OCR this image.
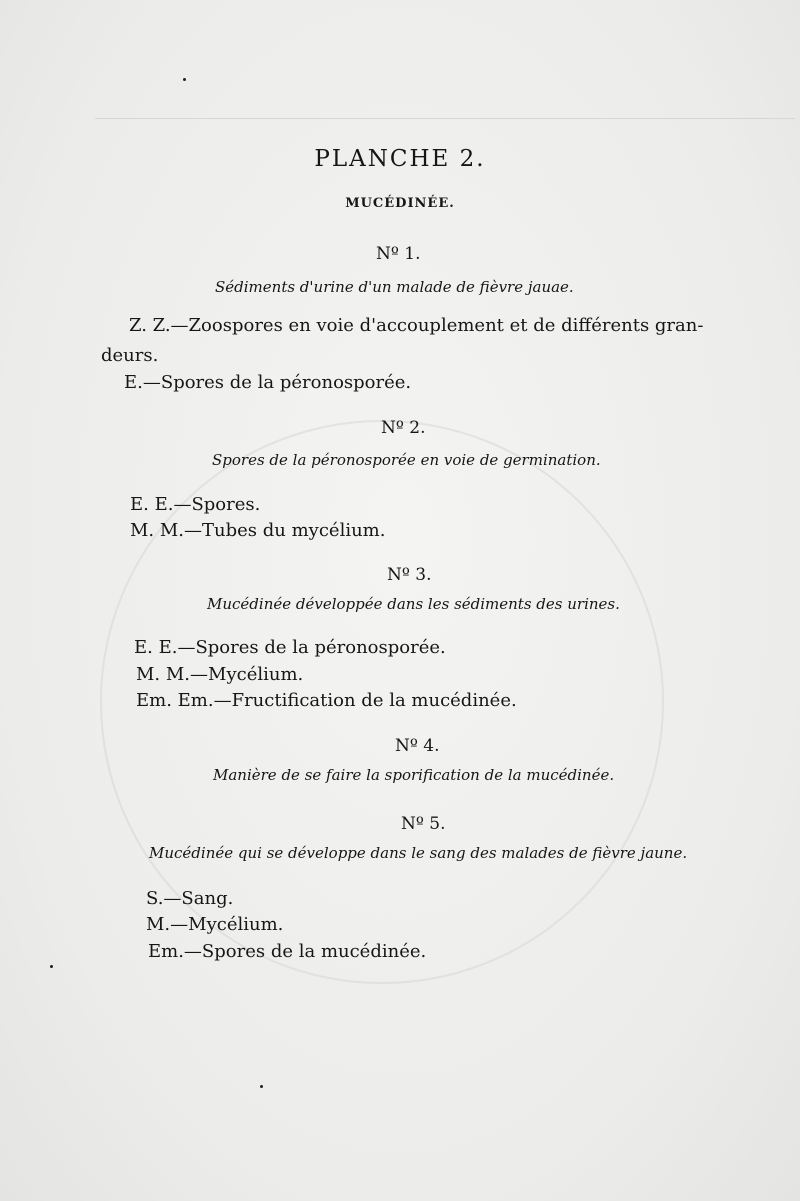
PLANCHE 2.
MUCÉDINÉE.
Nº 1.
Sédiments d'urine d'un malade de fièvre jauae.
Z. Z.—Zoospores en voie d'accouplement et de différents gran-
deurs.
E.—Spores de la péronosporée.
Nº 2.
Spores de la péronosporée en voie de germination.
E. E.—Spores.
M. M.—Tubes du mycélium.
Nº 3.
Mucédinée développée dans les sédiments des urines.
E. E.—Spores de la péronosporée.
M. M.—Mycélium.
Em. Em.—Fructification de la mucédinée.
Nº 4.
Manière de se faire la sporification de la mucédinée.
Nº 5.
Mucédinée qui se développe dans le sang des malades de fièvre jaune.
S.—Sang.
M.—Mycélium.
Em.—Spores de la mucédinée.
